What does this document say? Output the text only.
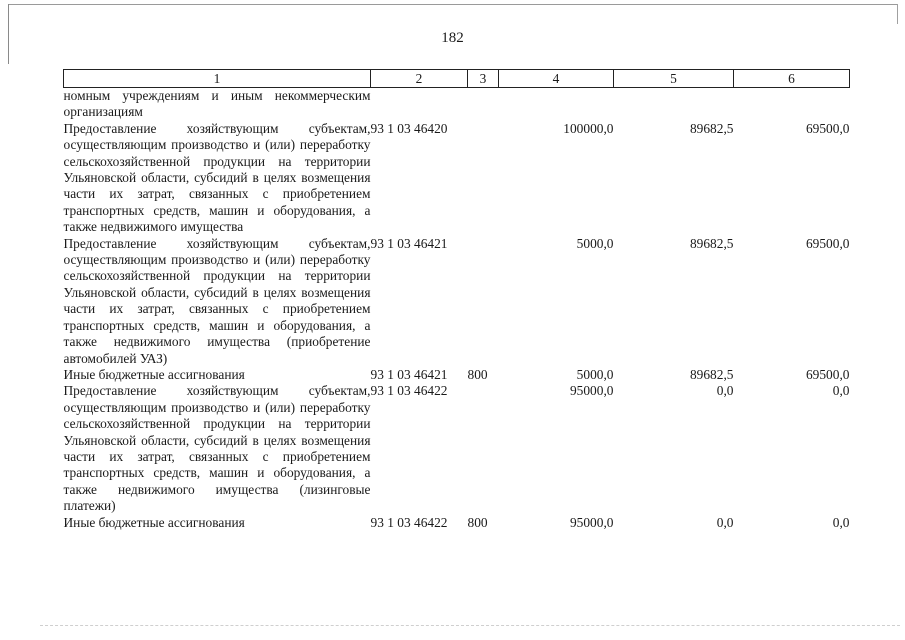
182
1	2	3	4	5	6
номным учреждениям и иным некоммерческим организациям					
Предоставление хозяйствующим субъектам, осуществляющим производство и (или) переработку сельскохозяйственной продукции на территории Ульяновской области, субсидий в целях возмещения части их затрат, связанных с приобретением транспортных средств, машин и оборудования, а также недвижимого имущества	93 1 03 46420		100000,0	89682,5	69500,0
Предоставление хозяйствующим субъектам, осуществляющим производство и (или) переработку сельскохозяйственной продукции на территории Ульяновской области, субсидий в целях возмещения части их затрат, связанных с приобретением транспортных средств, машин и оборудования, а также недвижимого имущества (приобретение автомобилей УАЗ)	93 1 03 46421		5000,0	89682,5	69500,0
Иные бюджетные ассигнования	93 1 03 46421	800	5000,0	89682,5	69500,0
Предоставление хозяйствующим субъектам, осуществляющим производство и (или) переработку сельскохозяйственной продукции на территории Ульяновской области, субсидий в целях возмещения части их затрат, связанных с приобретением транспортных средств, машин и оборудования, а также недвижимого имущества (лизинговые платежи)	93 1 03 46422		95000,0	0,0	0,0
Иные бюджетные ассигнования	93 1 03 46422	800	95000,0	0,0	0,0
